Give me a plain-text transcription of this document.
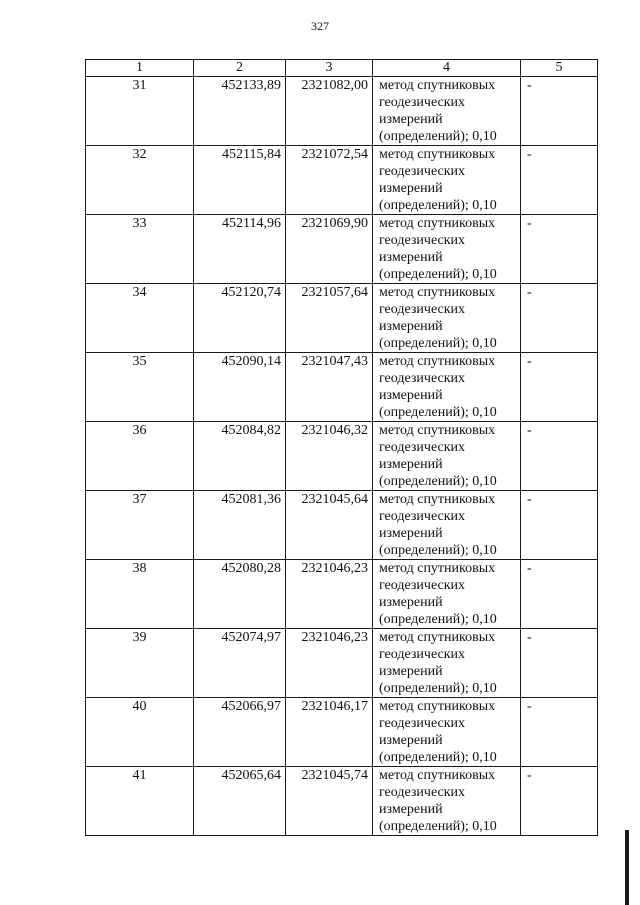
327
1	2	3	4	5
31	452133,89	2321082,00	метод спутниковых
геодезических
измерений
(определений); 0,10	-
32	452115,84	2321072,54	метод спутниковых
геодезических
измерений
(определений); 0,10	-
33	452114,96	2321069,90	метод спутниковых
геодезических
измерений
(определений); 0,10	-
34	452120,74	2321057,64	метод спутниковых
геодезических
измерений
(определений); 0,10	-
35	452090,14	2321047,43	метод спутниковых
геодезических
измерений
(определений); 0,10	-
36	452084,82	2321046,32	метод спутниковых
геодезических
измерений
(определений); 0,10	-
37	452081,36	2321045,64	метод спутниковых
геодезических
измерений
(определений); 0,10	-
38	452080,28	2321046,23	метод спутниковых
геодезических
измерений
(определений); 0,10	-
39	452074,97	2321046,23	метод спутниковых
геодезических
измерений
(определений); 0,10	-
40	452066,97	2321046,17	метод спутниковых
геодезических
измерений
(определений); 0,10	-
41	452065,64	2321045,74	метод спутниковых
геодезических
измерений
(определений); 0,10	-
